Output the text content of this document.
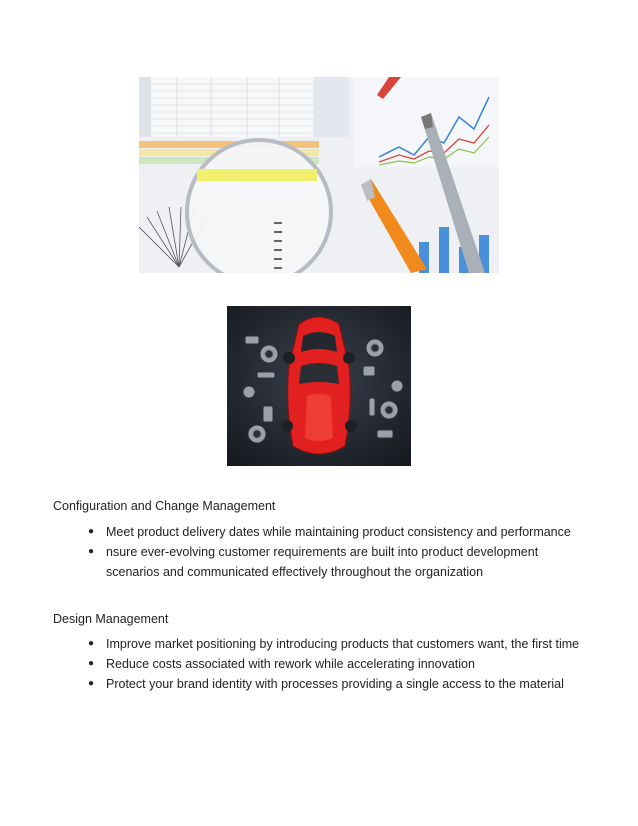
Configuration and Change Management
● Meet product delivery dates while maintaining product consistency and performance
● nsure ever-evolving customer requirements are built into product development scenarios and communicated effectively throughout the organization
Design Management
● Improve market positioning by introducing products that customers want, the first time
● Reduce costs associated with rework while accelerating innovation
● Protect your brand identity with processes providing a single access to the material
